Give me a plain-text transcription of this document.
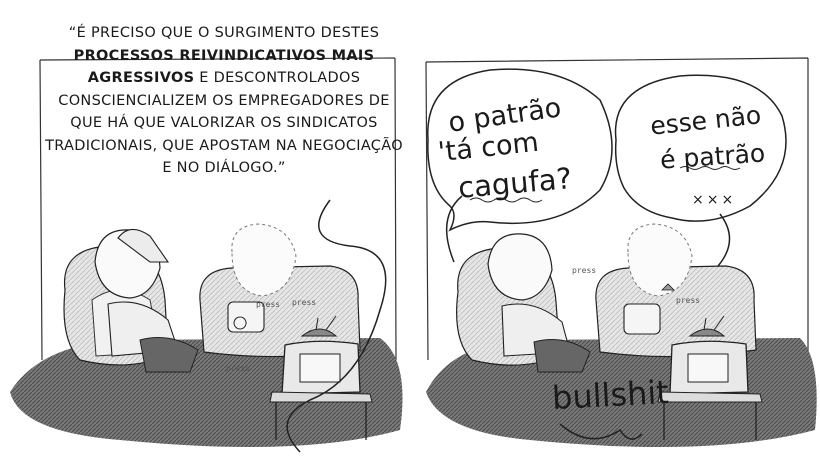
“É PRECISO QUE O SURGIMENTO DESTES
PROCESSOS REIVINDICATIVOS MAIS
AGRESSIVOS E DESCONTROLADOS CONSCIENCIALIZEM OS EMPREGADORES DE QUE HÁ QUE VALORIZAR OS SINDICATOS TRADICIONAIS, QUE APOSTAM NA NEGOCIAÇÃO E NO DIÁLOGO.”
press
press
press
o patrão
'tá com
cagufa?
esse não
é patrão
×××
bullshit
press
press
